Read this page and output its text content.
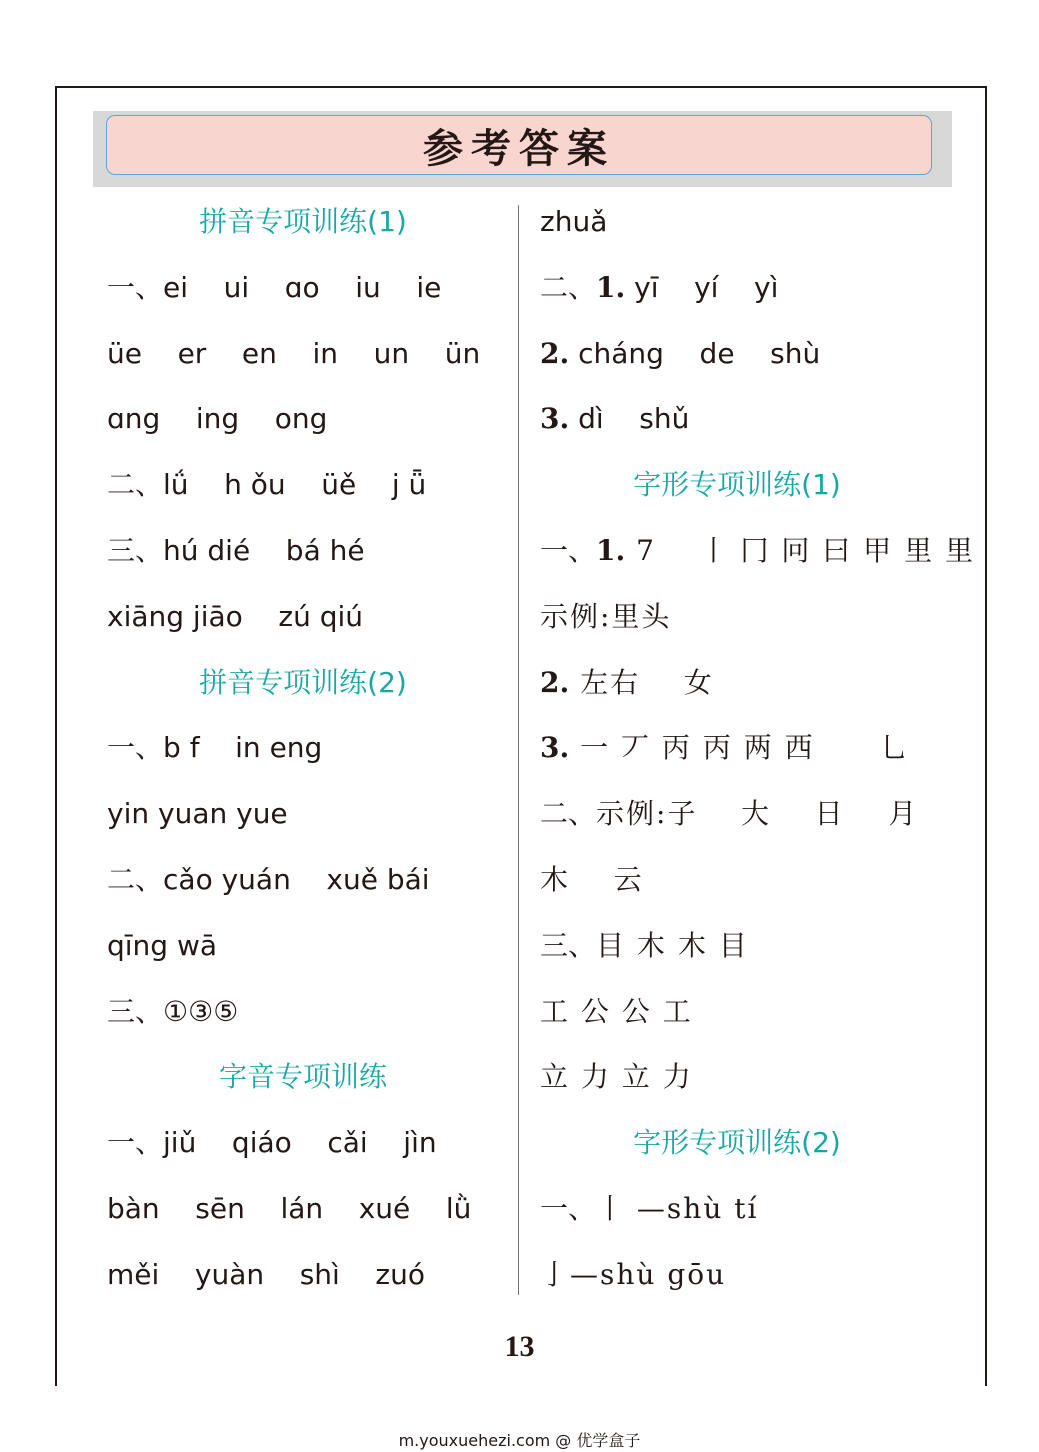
参考答案
拼音专项训练(1)
一、ei    ui    ɑo    iu    ie
üe    er    en    in    un    ün
ɑng    ing    ong
二、lǘ    h ǒu    üě    j ǖ
三、hú dié    bá hé
xiāng jiāo    zú qiú
拼音专项训练(2)
一、b f    in eng
yin yuan yue
二、cǎo yuán    xuě bái
qīng wā
三、①③⑤
字音专项训练
一、jiǔ    qiáo    cǎi    jìn
bàn    sēn    lán    xué    lǜ
měi    yuàn    shì    zuó
zhuǎ
二、1. yī    yí    yì
2. cháng    de    shù
3. dì    shǔ
字形专项训练(1)
一、1. 7    丨 冂 冋 曰 甲 里 里
示例:里头
2. 左右    女
3. 一 丆 丙 丙 两 西      乚
二、示例:子    大    日    月
木    云
三、目 木 木 目
工 公 公 工
立 力 立 力
字形专项训练(2)
一、丨 —shù tí
亅—shù gōu
13
m.youxuehezi.com @ 优学盒子
